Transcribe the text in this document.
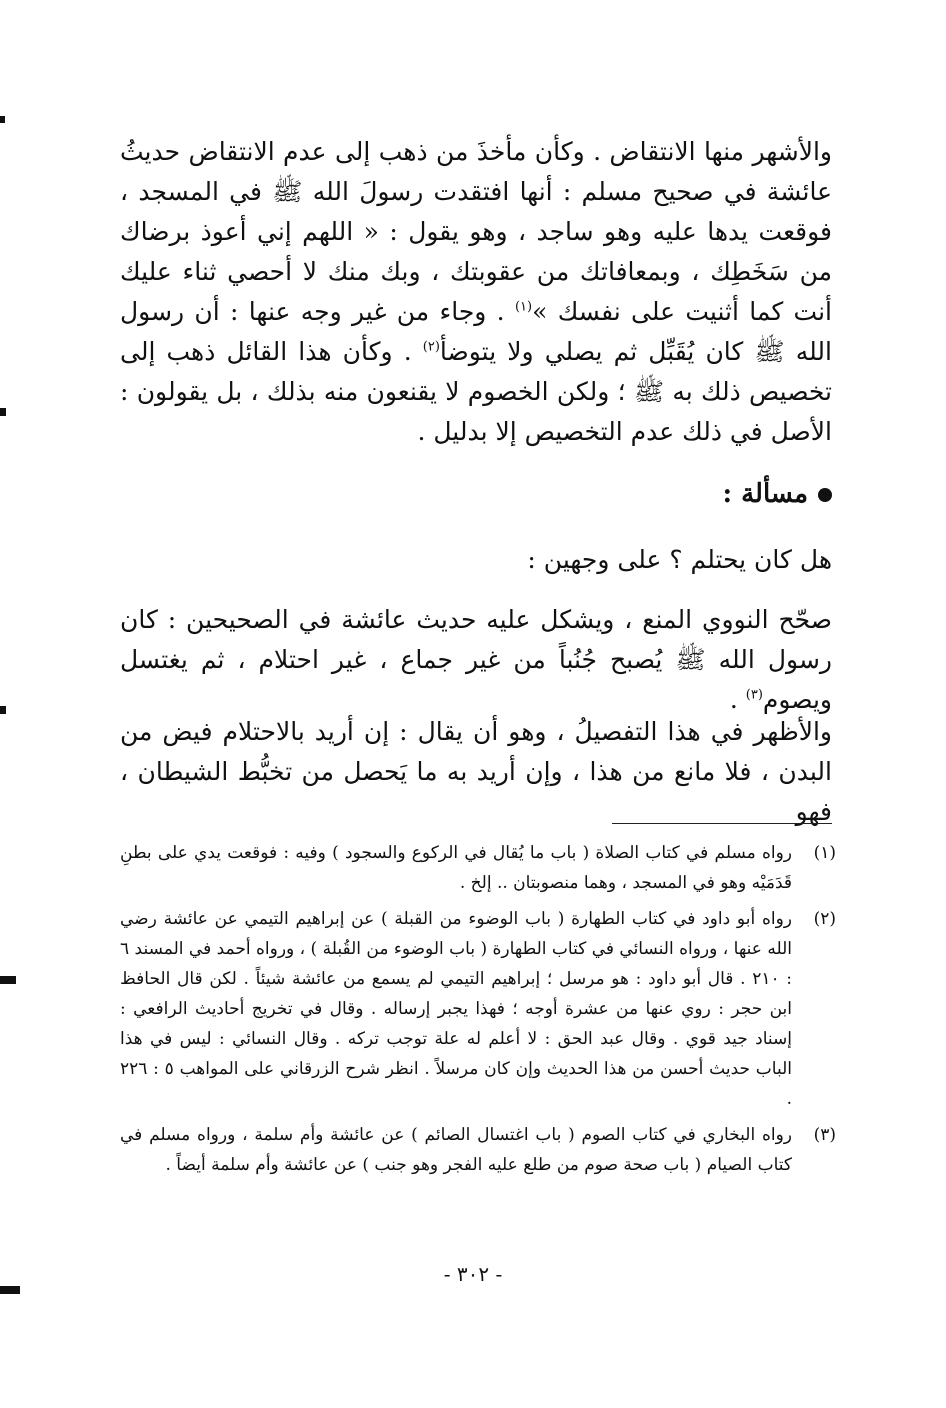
والأشهر منها الانتقاض . وكأن مأخذَ من ذهب إلى عدم الانتقاض حديثُ عائشة في صحيح مسلم : أنها افتقدت رسولَ الله ﷺ في المسجد ، فوقعت يدها عليه وهو ساجد ، وهو يقول : « اللهم إني أعوذ برضاك من سَخَطِك ، وبمعافاتك من عقوبتك ، وبك منك لا أحصي ثناء عليك أنت كما أثنيت على نفسك »$^{(١)}$ . وجاء من غير وجه عنها : أن رسول الله ﷺ كان يُقَبِّل ثم يصلي ولا يتوضأ$^{(٢)}$ . وكأن هذا القائل ذهب إلى تخصيص ذلك به ﷺ ؛ ولكن الخصوم لا يقنعون منه بذلك ، بل يقولون : الأصل في ذلك عدم التخصيص إلا بدليل .

مسألة :

هل كان يحتلم ؟ على وجهين :

صحّح النووي المنع ، ويشكل عليه حديث عائشة في الصحيحين : كان رسول الله ﷺ يُصبح جُنُباً من غير جماع ، غير احتلام ، ثم يغتسل ويصوم$^{(٣)}$ .

والأظهر في هذا التفصيلُ ، وهو أن يقال : إن أريد بالاحتلام فيض من البدن ، فلا مانع من هذا ، وإن أريد به ما يَحصل من تخبُّط الشيطان ، فهو

(١)
رواه مسلم في كتاب الصلاة ( باب ما يُقال في الركوع والسجود ) وفيه : فوقعت يدي على بطنِ قَدَمَيْه وهو في المسجد ، وهما منصوبتان .. إلخ .
(٢)
رواه أبو داود في كتاب الطهارة ( باب الوضوء من القبلة ) عن إبراهيم التيمي عن عائشة رضي الله عنها ، ورواه النسائي في كتاب الطهارة ( باب الوضوء من القُبلة ) ، ورواه أحمد في المسند ٦ : ٢١٠ . قال أبو داود : هو مرسل ؛ إبراهيم التيمي لم يسمع من عائشة شيئاً . لكن قال الحافظ ابن حجر : روي عنها من عشرة أوجه ؛ فهذا يجبر إرساله . وقال في تخريج أحاديث الرافعي : إسناد جيد قوي . وقال عبد الحق : لا أعلم له علة توجب تركه . وقال النسائي : ليس في هذا الباب حديث أحسن من هذا الحديث وإن كان مرسلاً . انظر شرح الزرقاني على المواهب ٥ : ٢٢٦ .
(٣)
رواه البخاري في كتاب الصوم ( باب اغتسال الصائم ) عن عائشة وأم سلمة ، ورواه مسلم في كتاب الصيام ( باب صحة صوم من طلع عليه الفجر وهو جنب ) عن عائشة وأم سلمة أيضاً .
- ٣٠٢ -
